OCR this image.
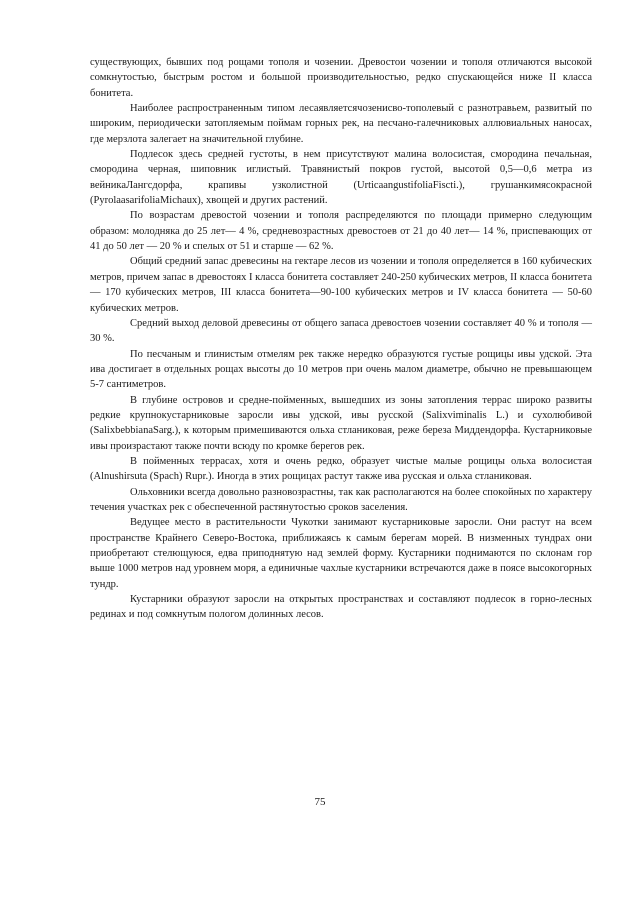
существующих, бывших под рощами тополя и чозении. Древостои чозении и тополя отличаются высокой сомкнутостью, быстрым ростом и большой производительностью, редко спускающейся ниже II класса бонитета.

Наиболее распространенным типом лесаявляетсячозенисво-тополевый с разнотравьем, развитый по широким, периодически затопляемым поймам горных рек, на песчано-галечниковых аллювиальных наносах, где мерзлота залегает на значительной глубине.

Подлесок здесь средней густоты, в нем присутствуют малина волосистая, смородина печальная, смородина черная, шиповник иглистый. Травянистый покров густой, высотой 0,5—0,6 метра из вейникаЛангсдорфа, крапивы узколистной (UrticaangustifoliaFiscti.), грушанкимясокрасной (PyrolaasarifoliaMichaux), хвощей и других растений.

По возрастам древостой чозении и тополя распределяются по площади примерно следующим образом: молодняка до 25 лет— 4 %, средневозрастных древостоев от 21 до 40 лет— 14 %, приспевающих от 41 до 50 лет — 20 % и спелых от 51 и старше — 62 %.

Общий средний запас древесины на гектаре лесов из чозении и тополя определяется в 160 кубических метров, причем запас в древостоях I класса бонитета составляет 240-250 кубических метров, II класса бонитета— 170 кубических метров, III класса бонитета—90-100 кубических метров и IV класса бонитета — 50-60 кубических метров.

Средний выход деловой древесины от общего запаса древостоев чозении составляет 40 % и тополя —30 %.

По песчаным и глинистым отмелям рек также нередко образуются густые рощицы ивы удской. Эта ива достигает в отдельных рощах высоты до 10 метров при очень малом диаметре, обычно не превышающем 5-7 сантиметров.

В глубине островов и средне-пойменных, вышедших из зоны затопления террас широко развиты редкие крупнокустарниковые заросли ивы удской, ивы русской (Salixviminalis L.) и сухолюбивой (SalixbebbianaSarg.), к которым примешиваются ольха стланиковая, реже береза Миддендорфа. Кустарниковые ивы произрастают также почти всюду по кромке берегов рек.

В пойменных террасах, хотя и очень редко, образует чистые малые рощицы ольха волосистая (Alnushirsuta (Spach) Rupr.). Иногда в этих рощицах растут также ива русская и ольха стланиковая.

Ольховники всегда довольно разновозрастны, так как располагаются на более спокойных по характеру течения участках рек с обеспеченной растянутостью сроков заселения.

Ведущее место в растительности Чукотки занимают кустарниковые заросли. Они растут на всем пространстве Крайнего Северо-Востока, приближаясь к самым берегам морей. В низменных тундрах они приобретают стелющуюся, едва приподнятую над землей форму. Кустарники поднимаются по склонам гор выше 1000 метров над уровнем моря, а единичные чахлые кустарники встречаются даже в поясе высокогорных тундр.

Кустарники образуют заросли на открытых пространствах и составляют подлесок в горно-лесных рединах и под сомкнутым пологом долинных лесов.

75
